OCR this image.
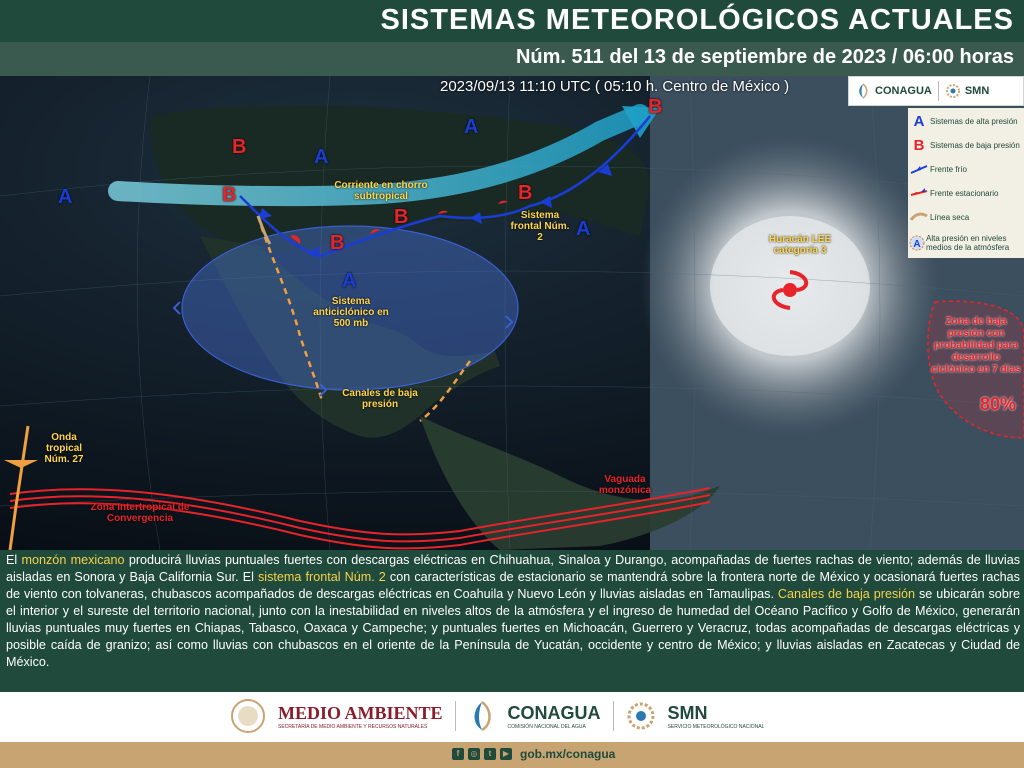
SISTEMAS METEOROLÓGICOS ACTUALES
Núm. 511 del 13 de septiembre de 2023 / 06:00 horas
B
B
B
B
B
B
A
A
A
A
A
Corriente en chorro subtropical
Sistema frontal Núm. 2
Sistema anticiclónico en 500 mb
Canales de baja presión
Huracán LEE categoría 3
Onda tropical Núm. 27
Vaguada monzónica
Zona Intertropical de Convergencia
Zona de baja presión con probabilidad para desarrollo ciclónico en 7 días
80%
2023/09/13 11:10 UTC ( 05:10 h. Centro de México )	CONAGUA	SMN
A Sistemas de alta presión
B Sistemas de baja presión
Frente frío
Frente estacionario
Línea seca
A
Alta presión en niveles medios de la atmósfera
El monzón mexicano producirá lluvias puntuales fuertes con descargas eléctricas en Chihuahua, Sinaloa y Durango, acompañadas de fuertes rachas de viento; además de lluvias aisladas en Sonora y Baja California Sur. El sistema frontal Núm. 2 con características de estacionario se mantendrá sobre la frontera norte de México y ocasionará fuertes rachas de viento con tolvaneras, chubascos acompañados de descargas eléctricas en Coahuila y Nuevo León y lluvias aisladas en Tamaulipas. Canales de baja presión se ubicarán sobre el interior y el sureste del territorio nacional, junto con la inestabilidad en niveles altos de la atmósfera y el ingreso de humedad del Océano Pacífico y Golfo de México, generarán lluvias puntuales muy fuertes en Chiapas, Tabasco, Oaxaca y Campeche; y puntuales fuertes en Michoacán, Guerrero y Veracruz, todas acompañadas de descargas eléctricas y posible caída de granizo; así como lluvias con chubascos en el oriente de la Península de Yucatán, occidente y centro de México; y lluvias aisladas en Zacatecas y Ciudad de México.
MEDIO AMBIENTE
SECRETARÍA DE MEDIO AMBIENTE Y RECURSOS NATURALES
CONAGUA
COMISIÓN NACIONAL DEL AGUA
SMN
SERVICIO METEOROLÓGICO NACIONAL
f	◎	t	▶ gob.mx/conagua
